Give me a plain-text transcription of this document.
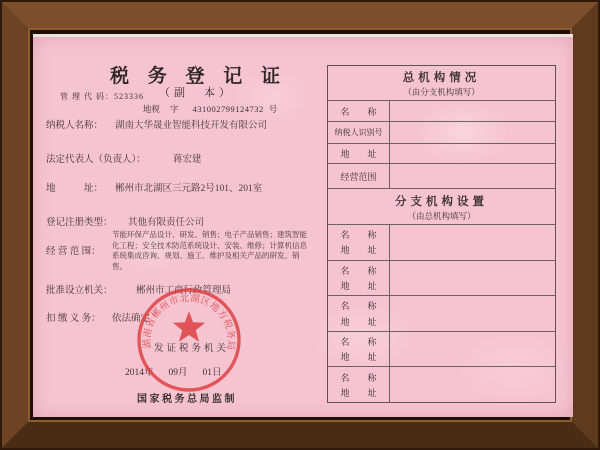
税 务 登 记 证
（副　本）
管 理 代 码：523336
地税 字 431002799124732 号
纳税人名称： 湖南大华晟业智能科技开发有限公司
法定代表人（负责人）：	蒋宏建
地　　　址： 郴州市北湖区三元路2号101、201室
登记注册类型： 其他有限责任公司
经 营 范 围：
节能环保产品设计、研发、销售；电子产品销售；建筑智能化工程；安全技术防范系统设计、安装、维修；计算机信息系统集成咨询、规划、施工、维护及相关产品的研发、销售。
批准设立机关： 郴州市工商行政管理局
扣 缴 义 务： 依法确定
发证税务机关
2014年 09月 01日
国家税务总局监制
湖南省郴州市北湖区地方税务局
总机构情况
（由分支机构填写）
名　　称
纳税人识别号
地　　址
经营范围
分支机构设置
（由总机构填写）
名　　称
地　　址
名　　称
地　　址
名　　称
地　　址
名　　称
地　　址
名　　称
地　　址
